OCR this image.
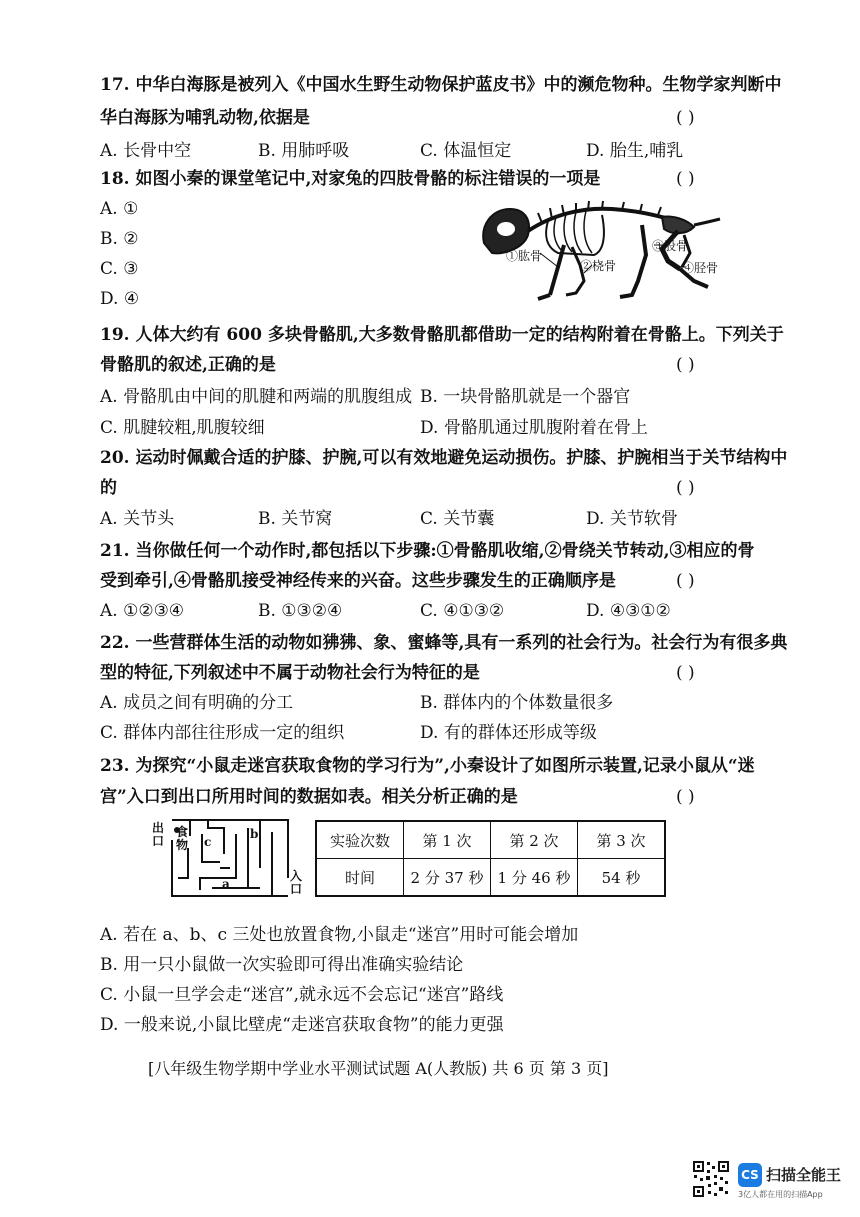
17. 中华白海豚是被列入《中国水生野生动物保护蓝皮书》中的濒危物种。生物学家判断中
华白海豚为哺乳动物,依据是	( )
A. 长骨中空	B. 用肺呼吸	C. 体温恒定	D. 胎生,哺乳
18. 如图小秦的课堂笔记中,对家兔的四肢骨骼的标注错误的一项是	( )
A. ①
B. ②
C. ③
D. ④
①肱骨
②桡骨
③股骨
④胫骨
19. 人体大约有 600 多块骨骼肌,大多数骨骼肌都借助一定的结构附着在骨骼上。下列关于
骨骼肌的叙述,正确的是	( )
A. 骨骼肌由中间的肌腱和两端的肌腹组成 B. 一块骨骼肌就是一个器官
C. 肌腱较粗,肌腹较细	D. 骨骼肌通过肌腹附着在骨上
20. 运动时佩戴合适的护膝、护腕,可以有效地避免运动损伤。护膝、护腕相当于关节结构中
的	( )
A. 关节头	B. 关节窝	C. 关节囊	D. 关节软骨
21. 当你做任何一个动作时,都包括以下步骤:①骨骼肌收缩,②骨绕关节转动,③相应的骨
受到牵引,④骨骼肌接受神经传来的兴奋。这些步骤发生的正确顺序是	( )
A. ①②③④	B. ①③②④	C. ④①③②	D. ④③①②
22. 一些营群体生活的动物如狒狒、象、蜜蜂等,具有一系列的社会行为。社会行为有很多典
型的特征,下列叙述中不属于动物社会行为特征的是	( )
A. 成员之间有明确的分工	B. 群体内的个体数量很多
C. 群体内部往往形成一定的组织	D. 有的群体还形成等级
23. 为探究“小鼠走迷宫获取食物的学习行为”,小秦设计了如图所示装置,记录小鼠从“迷
宫”入口到出口所用时间的数据如表。相关分析正确的是	( )
出口
食物
入口
a
b
c	实验次数	第 1 次	第 2 次	第 3 次
时间	2 分 37 秒	1 分 46 秒	54 秒
A. 若在 a、b、c 三处也放置食物,小鼠走“迷宫”用时可能会增加
B. 用一只小鼠做一次实验即可得出准确实验结论
C. 小鼠一旦学会走“迷宫”,就永远不会忘记“迷宫”路线
D. 一般来说,小鼠比壁虎“走迷宫获取食物”的能力更强
[八年级生物学期中学业水平测试试题 A(人教版) 共 6 页 第 3 页]
CS 扫描全能王
3亿人都在用的扫描App
